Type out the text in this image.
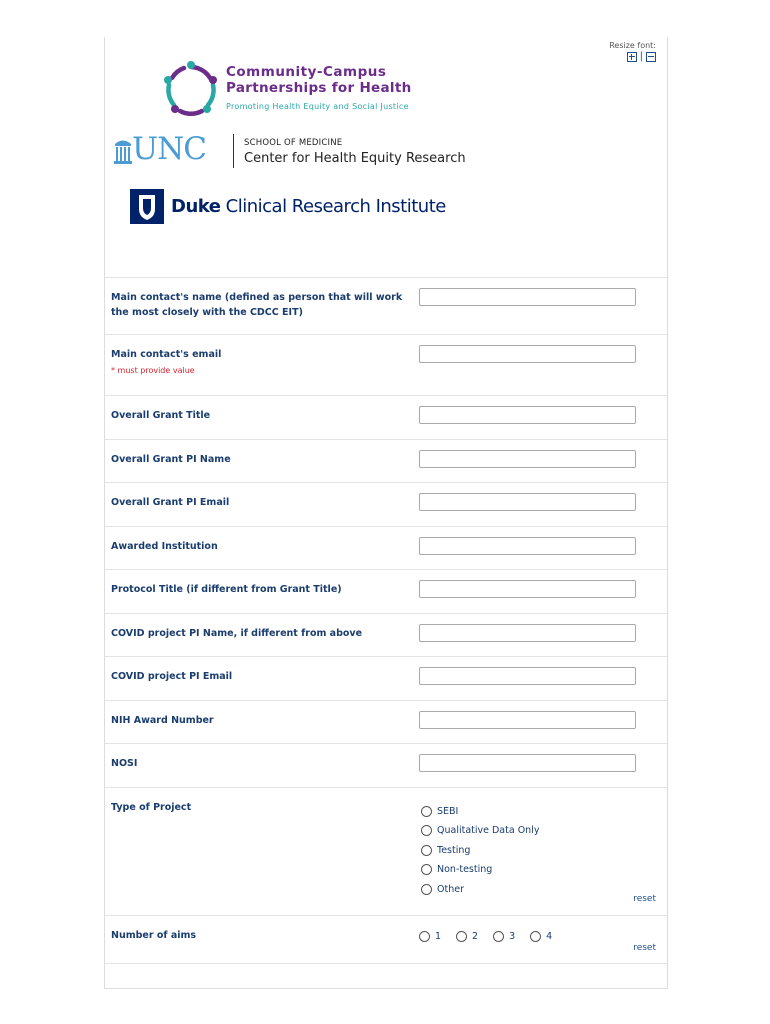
Resize font:
|
Community-Campus
Partnerships for Health
Promoting Health Equity and Social Justice
UNC	SCHOOL OF MEDICINE
Center for Health Equity Research
Duke Clinical Research Institute
Main contact's name (defined as person that will work the most closely with the CDCC EIT)
Main contact's email
* must provide value
Overall Grant Title
Overall Grant PI Name
Overall Grant PI Email
Awarded Institution
Protocol Title (if different from Grant Title)
COVID project PI Name, if different from above
COVID project PI Email
NIH Award Number
NOSI
Type of Project	SEBI
Qualitative Data Only
Testing
Non-testing
Other
reset
Number of aims	1	2	3	4
reset
